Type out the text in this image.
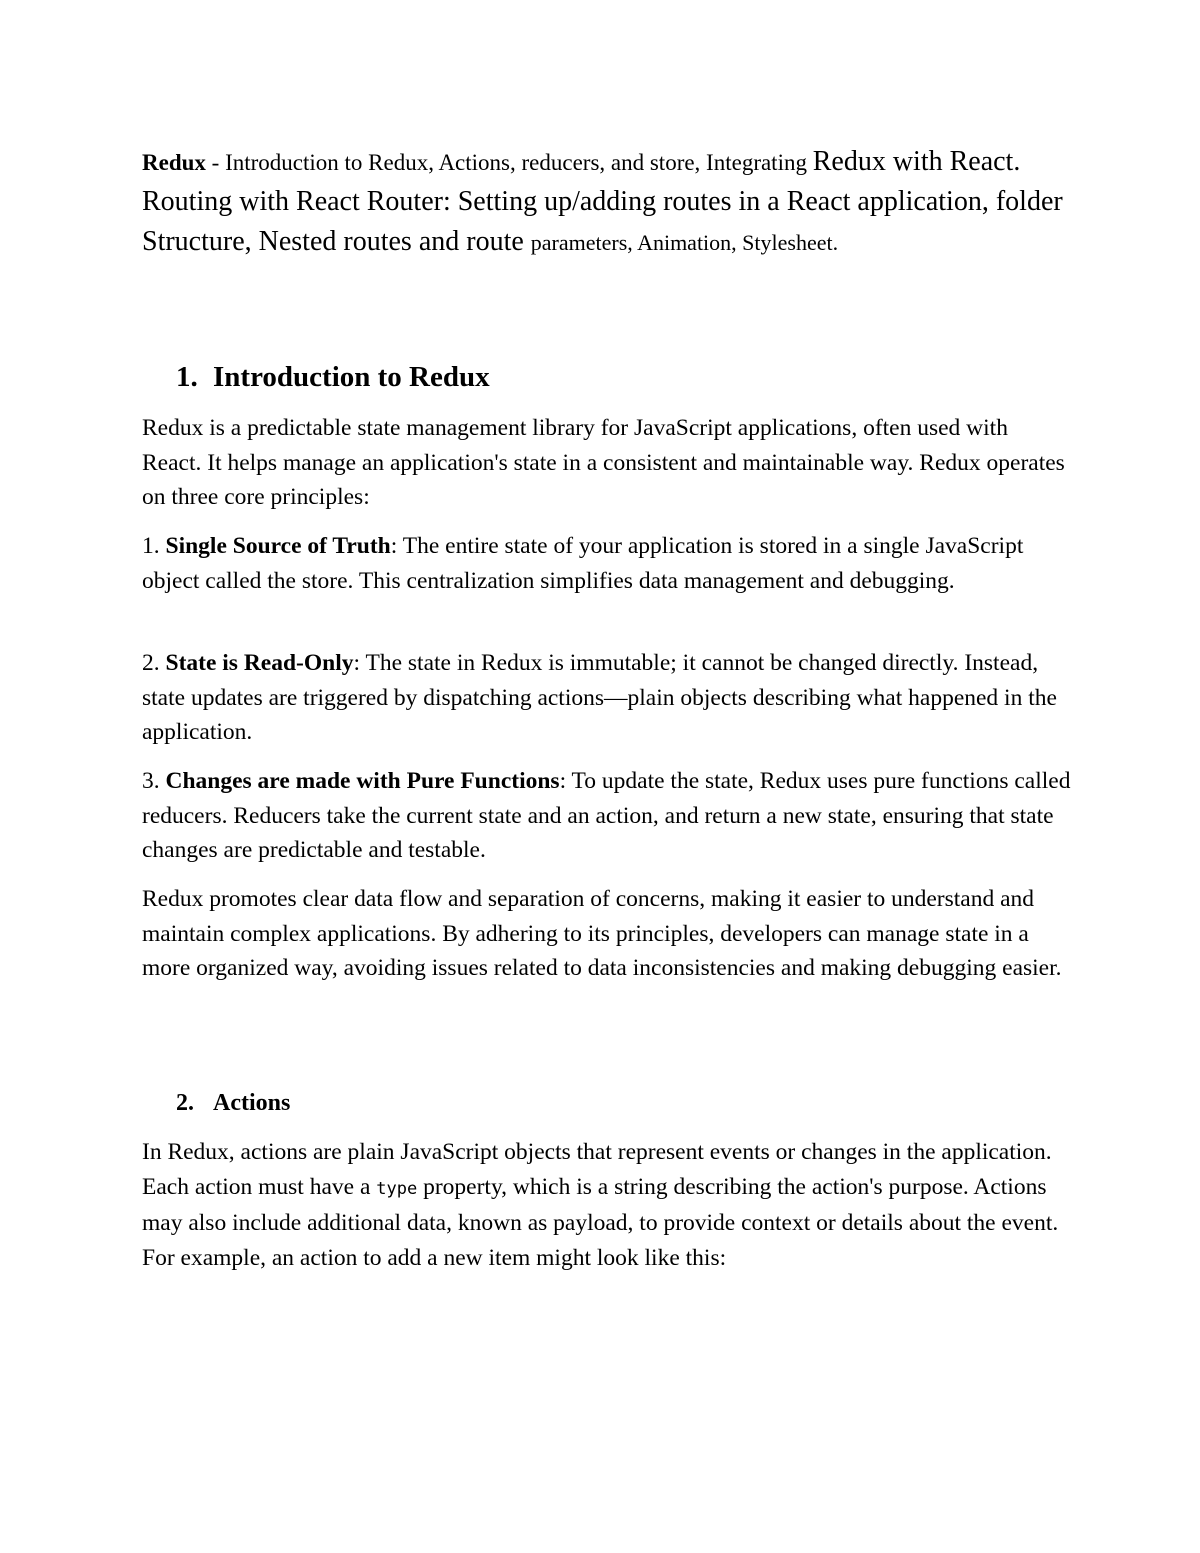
Redux - Introduction to Redux, Actions, reducers, and store, Integrating Redux with React. Routing with React Router: Setting up/adding routes in a React application, folder Structure, Nested routes and route parameters, Animation, Stylesheet.
1. Introduction to Redux
Redux is a predictable state management library for JavaScript applications, often used with React. It helps manage an application's state in a consistent and maintainable way. Redux operates on three core principles:
1. Single Source of Truth: The entire state of your application is stored in a single JavaScript object called the store. This centralization simplifies data management and debugging.
2. State is Read-Only: The state in Redux is immutable; it cannot be changed directly. Instead, state updates are triggered by dispatching actions—plain objects describing what happened in the application.
3. Changes are made with Pure Functions: To update the state, Redux uses pure functions called reducers. Reducers take the current state and an action, and return a new state, ensuring that state changes are predictable and testable.
Redux promotes clear data flow and separation of concerns, making it easier to understand and maintain complex applications. By adhering to its principles, developers can manage state in a more organized way, avoiding issues related to data inconsistencies and making debugging easier.
2. Actions
In Redux, actions are plain JavaScript objects that represent events or changes in the application. Each action must have a type property, which is a string describing the action's purpose. Actions may also include additional data, known as payload, to provide context or details about the event. For example, an action to add a new item might look like this:
